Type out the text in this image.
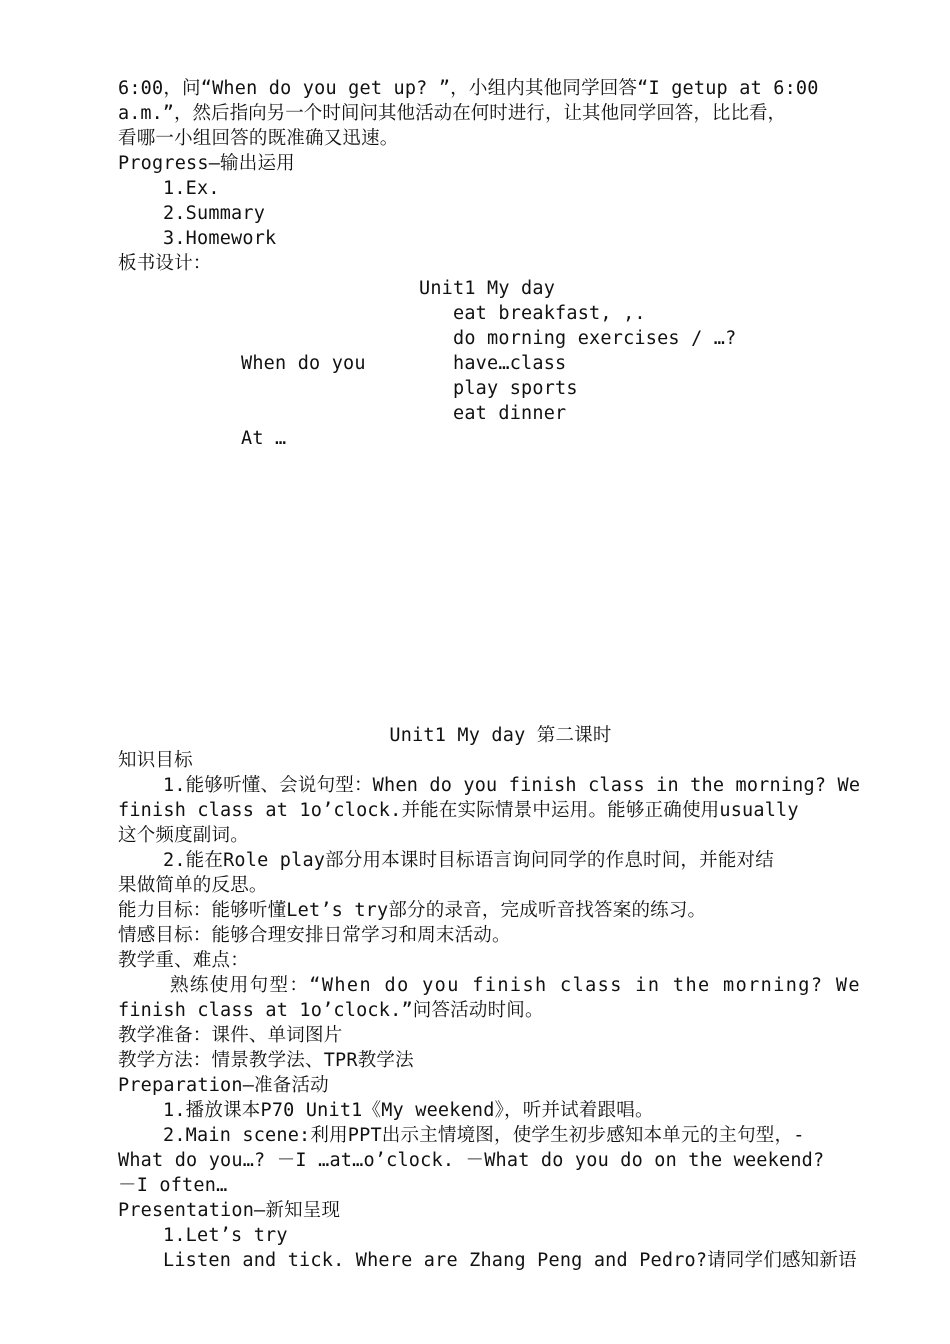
6:00，问“When do you get up? ”，小组内其他同学回答“I getup at 6:00
a.m.”，然后指向另一个时间问其他活动在何时进行，让其他同学回答，比比看，
看哪一小组回答的既准确又迅速。
Progress—输出运用
1.Ex.
2.Summary
3.Homework
板书设计：
Unit1 My day
eat breakfast, ,.
do morning exercises / …?
When do you	have…class
play sports
eat dinner
At …
Unit1 My day 第二课时
知识目标
1.能够听懂、会说句型：When do you finish class in the morning? We
finish class at 1o’clock.并能在实际情景中运用。能够正确使用usually
这个频度副词。
2.能在Role play部分用本课时目标语言询问同学的作息时间，并能对结
果做简单的反思。
能力目标：能够听懂Let’s try部分的录音，完成听音找答案的练习。
情感目标：能够合理安排日常学习和周末活动。
教学重、难点：
熟练使用句型：“When do you finish class in the morning? We
finish class at 1o’clock.”问答活动时间。
教学准备：课件、单词图片
教学方法：情景教学法、TPR教学法
Preparation—准备活动
1.播放课本P70 Unit1《My weekend》，听并试着跟唱。
2.Main scene:利用PPT出示主情境图，使学生初步感知本单元的主句型，-
What do you…? －I …at…o’clock. －What do you do on the weekend?
－I often…
Presentation—新知呈现
1.Let’s try
Listen and tick. Where are Zhang Peng and Pedro?请同学们感知新语
